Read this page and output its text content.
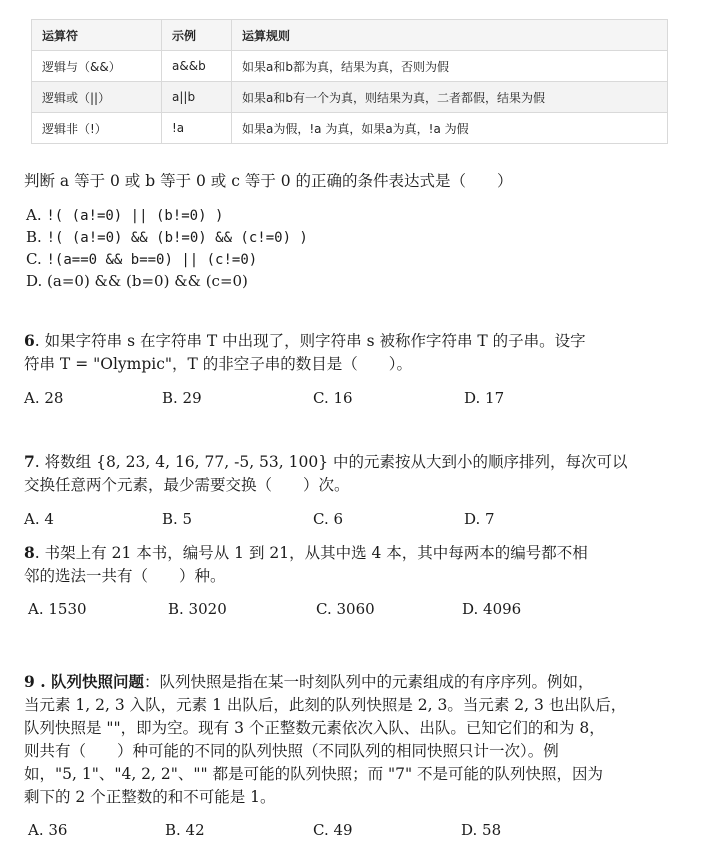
运算符	示例	运算规则
逻辑与（&&）	a&&b	如果a和b都为真，结果为真，否则为假
逻辑或（||）	a||b	如果a和b有一个为真，则结果为真，二者都假，结果为假
逻辑非（!）	!a	如果a为假，!a 为真，如果a为真，!a 为假
判断 a 等于 0 或 b 等于 0 或 c 等于 0 的正确的条件表达式是（　　）
A. !( (a!=0) || (b!=0) )
B. !( (a!=0) && (b!=0) && (c!=0) )
C. !(a==0 && b==0) || (c!=0)
D. (a=0) && (b=0) && (c=0)
6. 如果字符串 s 在字符串 T 中出现了，则字符串 s 被称作字符串 T 的子串。设字
符串 T = "Olympic"，T 的非空子串的数目是（　　）。
A. 28	B. 29	C. 16	D. 17
7. 将数组 {8, 23, 4, 16, 77, -5, 53, 100} 中的元素按从大到小的顺序排列，每次可以
交换任意两个元素，最少需要交换（　　）次。
A. 4	B. 5	C. 6	D. 7
8. 书架上有 21 本书，编号从 1 到 21，从其中选 4 本，其中每两本的编号都不相
邻的选法一共有（　　）种。
A. 1530	B. 3020	C. 3060	D. 4096
9 . 队列快照问题：队列快照是指在某一时刻队列中的元素组成的有序序列。例如，
当元素 1, 2, 3 入队，元素 1 出队后，此刻的队列快照是 2, 3。当元素 2, 3 也出队后，
队列快照是 ""，即为空。现有 3 个正整数元素依次入队、出队。已知它们的和为 8，
则共有（　　）种可能的不同的队列快照（不同队列的相同快照只计一次）。例
如，"5, 1"、"4, 2, 2"、"" 都是可能的队列快照；而 "7" 不是可能的队列快照，因为
剩下的 2 个正整数的和不可能是 1。
A. 36	B. 42	C. 49	D. 58
